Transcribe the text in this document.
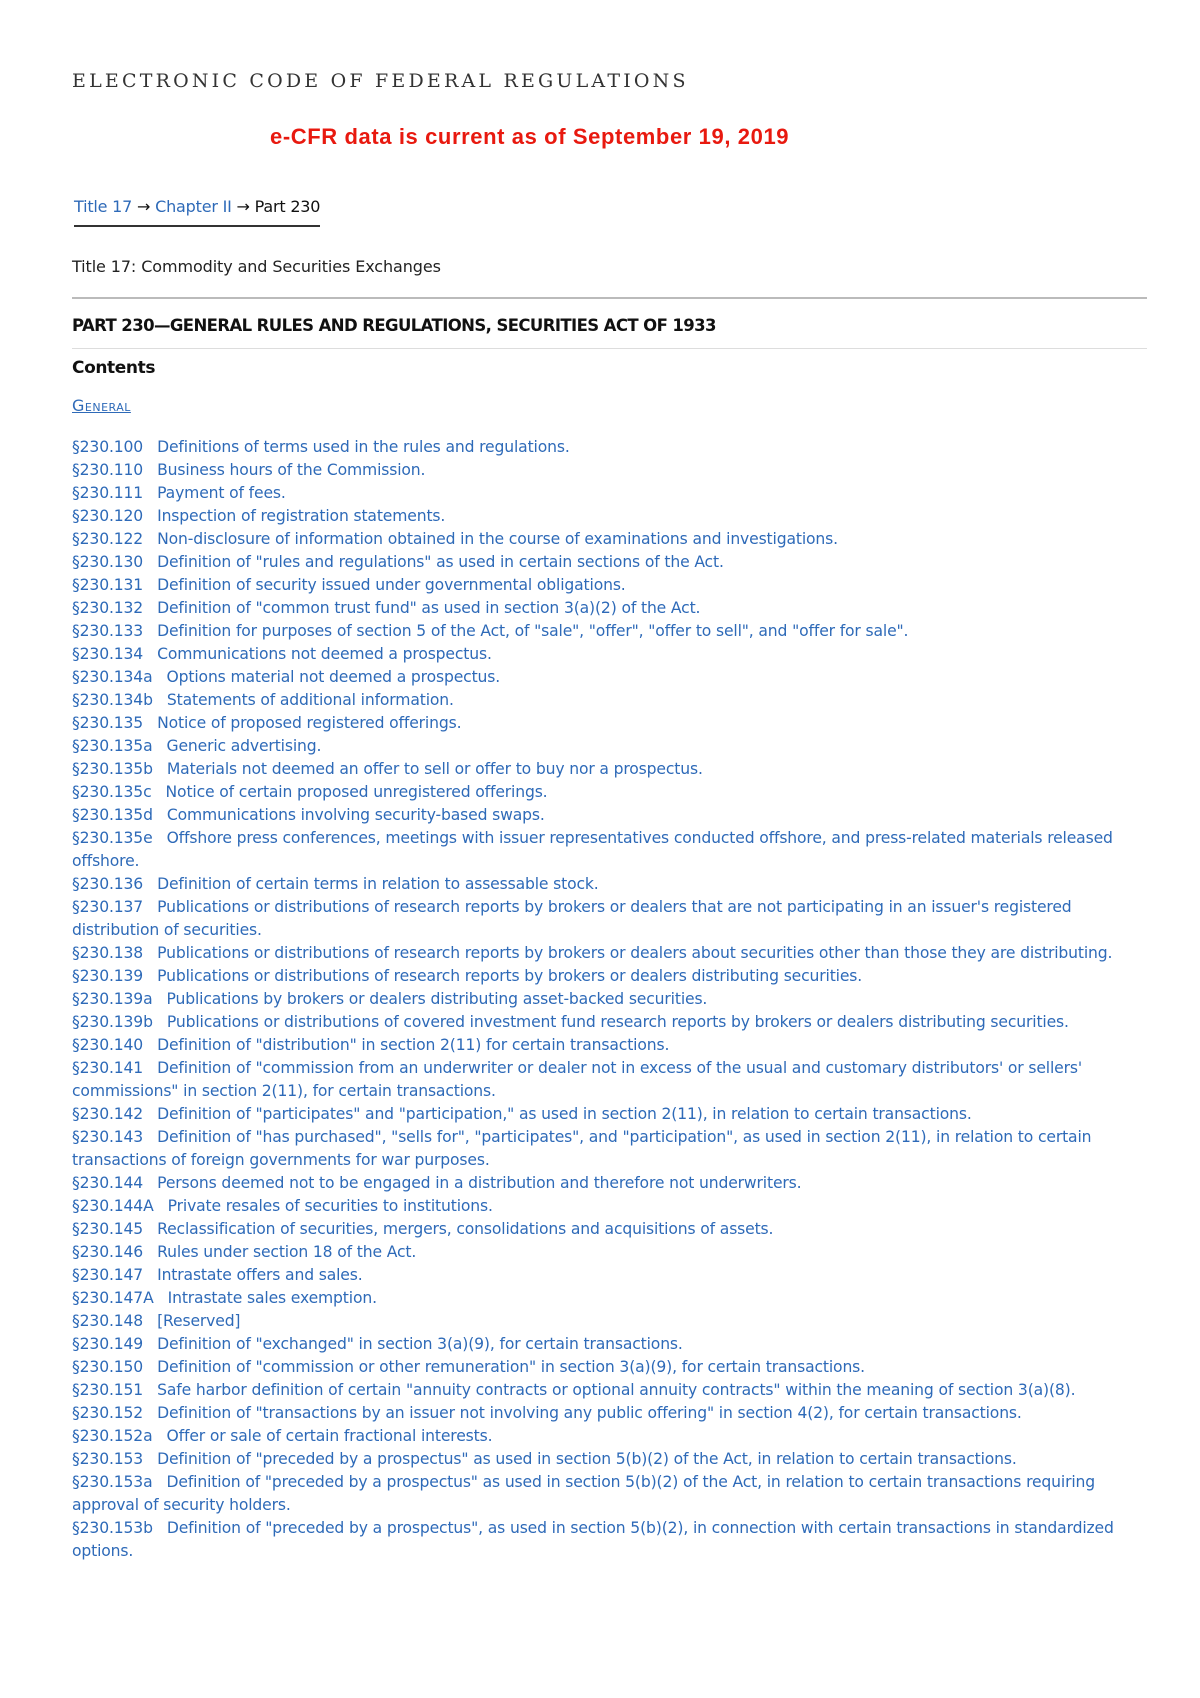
ELECTRONIC CODE OF FEDERAL REGULATIONS
e-CFR data is current as of September 19, 2019
Title 17 → Chapter II → Part 230
Title 17: Commodity and Securities Exchanges
PART 230—GENERAL RULES AND REGULATIONS, SECURITIES ACT OF 1933
Contents
General
§230.100 Definitions of terms used in the rules and regulations.
§230.110 Business hours of the Commission.
§230.111 Payment of fees.
§230.120 Inspection of registration statements.
§230.122 Non-disclosure of information obtained in the course of examinations and investigations.
§230.130 Definition of "rules and regulations" as used in certain sections of the Act.
§230.131 Definition of security issued under governmental obligations.
§230.132 Definition of "common trust fund" as used in section 3(a)(2) of the Act.
§230.133 Definition for purposes of section 5 of the Act, of "sale", "offer", "offer to sell", and "offer for sale".
§230.134 Communications not deemed a prospectus.
§230.134a Options material not deemed a prospectus.
§230.134b Statements of additional information.
§230.135 Notice of proposed registered offerings.
§230.135a Generic advertising.
§230.135b Materials not deemed an offer to sell or offer to buy nor a prospectus.
§230.135c Notice of certain proposed unregistered offerings.
§230.135d Communications involving security-based swaps.
§230.135e Offshore press conferences, meetings with issuer representatives conducted offshore, and press-related materials released offshore.
§230.136 Definition of certain terms in relation to assessable stock.
§230.137 Publications or distributions of research reports by brokers or dealers that are not participating in an issuer's registered distribution of securities.
§230.138 Publications or distributions of research reports by brokers or dealers about securities other than those they are distributing.
§230.139 Publications or distributions of research reports by brokers or dealers distributing securities.
§230.139a Publications by brokers or dealers distributing asset-backed securities.
§230.139b Publications or distributions of covered investment fund research reports by brokers or dealers distributing securities.
§230.140 Definition of "distribution" in section 2(11) for certain transactions.
§230.141 Definition of "commission from an underwriter or dealer not in excess of the usual and customary distributors' or sellers' commissions" in section 2(11), for certain transactions.
§230.142 Definition of "participates" and "participation," as used in section 2(11), in relation to certain transactions.
§230.143 Definition of "has purchased", "sells for", "participates", and "participation", as used in section 2(11), in relation to certain transactions of foreign governments for war purposes.
§230.144 Persons deemed not to be engaged in a distribution and therefore not underwriters.
§230.144A Private resales of securities to institutions.
§230.145 Reclassification of securities, mergers, consolidations and acquisitions of assets.
§230.146 Rules under section 18 of the Act.
§230.147 Intrastate offers and sales.
§230.147A Intrastate sales exemption.
§230.148 [Reserved]
§230.149 Definition of "exchanged" in section 3(a)(9), for certain transactions.
§230.150 Definition of "commission or other remuneration" in section 3(a)(9), for certain transactions.
§230.151 Safe harbor definition of certain "annuity contracts or optional annuity contracts" within the meaning of section 3(a)(8).
§230.152 Definition of "transactions by an issuer not involving any public offering" in section 4(2), for certain transactions.
§230.152a Offer or sale of certain fractional interests.
§230.153 Definition of "preceded by a prospectus" as used in section 5(b)(2) of the Act, in relation to certain transactions.
§230.153a Definition of "preceded by a prospectus" as used in section 5(b)(2) of the Act, in relation to certain transactions requiring approval of security holders.
§230.153b Definition of "preceded by a prospectus", as used in section 5(b)(2), in connection with certain transactions in standardized options.
